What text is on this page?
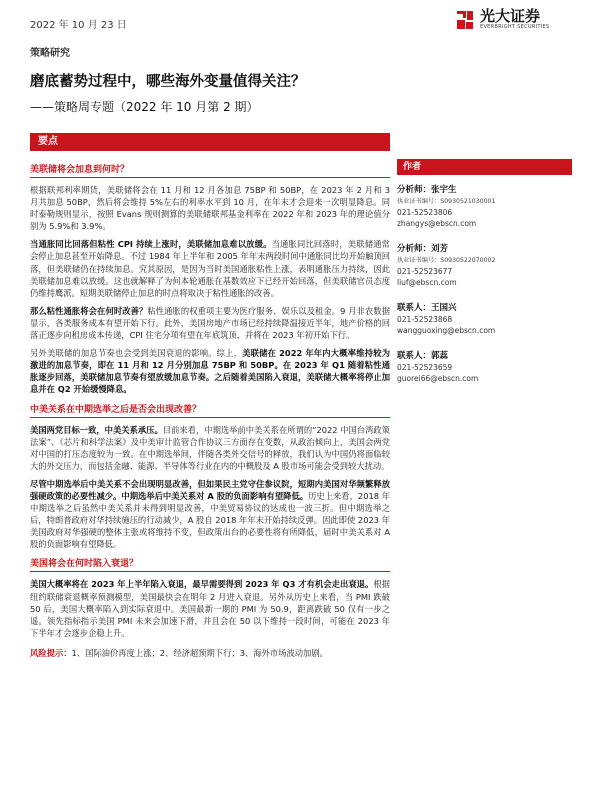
2022 年 10 月 23 日
光大证券
EVERBRIGHT SECURITIES
策略研究
磨底蓄势过程中，哪些海外变量值得关注？
——策略周专题（2022 年 10 月第 2 期）
要点
作者
美联储将会加息到何时？

根据联邦利率期货，美联储将会在 11 月和 12 月各加息 75BP 和 50BP，在 2023 年 2 月和 3 月共加息 50BP，然后将会维持 5%左右的利率水平到 10 月，在年末才会迎来一次明显降息。同时泰勒规则显示，按照 Evans 规则测算的美联储联邦基金利率在 2022 年和 2023 年的理论值分别为 5.9%和 3.9%。

当通胀同比回落但粘性 CPI 持续上涨时，美联储加息难以放缓。当通胀同比回落时，美联储通常会停止加息甚至开始降息。不过 1984 年上半年和 2005 年年末两段时间中通胀同比均开始触顶回落，但美联储仍在持续加息。究其原因，是因为当时美国通胀粘性上涨，表明通胀压力持续，因此美联储加息难以放缓。这也就解释了为何本轮通胀在基数效应下已经开始回落，但美联储官员态度仍维持鹰派。短期美联储停止加息的时点将取决于粘性通胀的改善。

那么粘性通胀将会在何时改善？粘性通胀的权重项主要为医疗服务、娱乐以及租金。9 月非农数据显示，各类服务成本有望开始下行。此外，美国房地产市场已经持续降温接近半年，地产价格的回落正逐步向租房成本传递，CPI 住宅分项有望在年底筑顶，并将在 2023 年初开始下行。

另外美联储的加息节奏也会受到美国衰退的影响。综上，美联储在 2022 年年内大概率维持较为激进的加息节奏，即在 11 月和 12 月分别加息 75BP 和 50BP。在 2023 年 Q1 随着粘性通胀逐步回落，美联储加息节奏有望放缓加息节奏。之后随着美国陷入衰退，美联储大概率将停止加息并在 Q2 开始缓慢降息。

中美关系在中期选举之后是否会出现改善？

美国两党目标一致，中美关系承压。目前来看，中期选举前中美关系在所谓的“2022 中国台湾政策法案”、《芯片和科学法案》及中美审计监管合作协议三方面存在变数，从政治倾向上，美国会两党对中国的打压态度较为一致。在中期选举间，伴随各类外交信号的释放，我们认为中国仍将面临较大的外交压力，而包括金融、能源、半导体等行业在内的中概股及 A 股市场可能会受到较大扰动。

尽管中期选举后中美关系不会出现明显改善，但如果民主党守住参议院，短期内美国对华频繁释放强硬政策的必要性减少。中期选举后中美关系对 A 股的负面影响有望降低。历史上来看，2018 年中期选举之后虽然中美关系并未得到明显改善，中美贸易协议的达成也一波三折。但中期选举之后，特朗普政府对华持续施压的行动减少，A 股自 2018 年年末开始持续反弹。因此即使 2023 年美国政府对华强硬的整体主张或将维持不变，但政策出台的必要性将有所降低，届时中美关系对 A 股的负面影响有望降低。

美国将会在何时陷入衰退？

美国大概率将在 2023 年上半年陷入衰退，最早需要得到 2023 年 Q3 才有机会走出衰退。根据纽约联储衰退概率预测模型，美国最快会在明年 2 月进入衰退。另外从历史上来看，当 PMI 跌破 50 后，美国大概率陷入到实际衰退中。美国最新一期的 PMI 为 50.9，距离跌破 50 仅有一步之遥。领先指标指示美国 PMI 未来会加速下滑，并且会在 50 以下维持一段时间，可能在 2023 年下半年才会逐步企稳上升。

风险提示：1、国际油价再度上涨；2、经济超预期下行；3、海外市场波动加剧。
分析师：张宇生
执业证书编号：S0930521030001
021-52523806
zhangys@ebscn.com
分析师：刘芳
执业证书编号：S0930522070002
021-52523677
liuf@ebscn.com
联系人：王国兴
021-52523868
wangguoxing@ebscn.com
联系人：郭蕊
021-52523659
guorei66@ebscn.com
